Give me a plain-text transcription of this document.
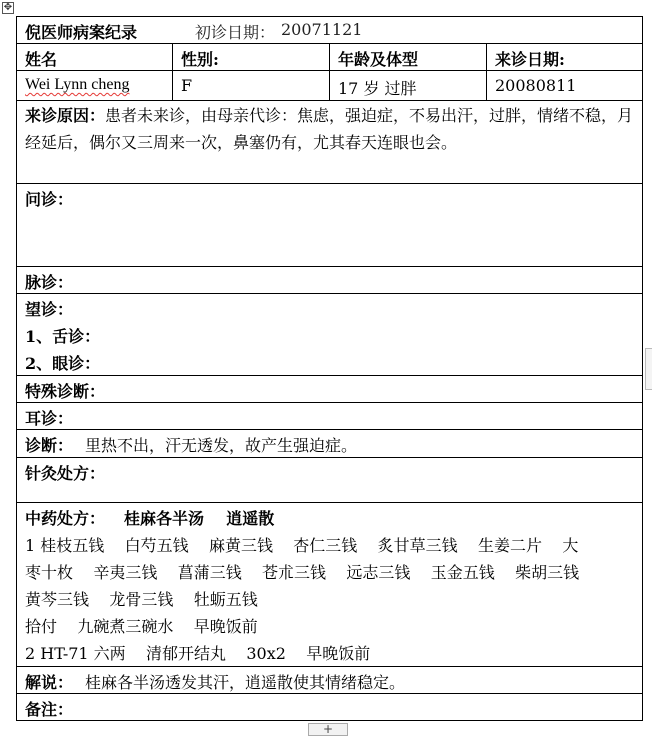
✥
倪医师病案纪录	初诊日期： 20071121
姓名	性别:	年龄及体型	来诊日期:
Wei Lynn cheng	F	17 岁 过胖	20080811
来诊原因：患者未来诊，由母亲代诊：焦虑，强迫症，不易出汗，过胖，情绪不稳，月经延后，偶尔又三周来一次，鼻塞仍有，尤其春天连眼也会。
问诊：
脉诊：
望诊：
1、舌诊：
2、眼诊：
特殊诊断：
耳诊：
诊断： 里热不出，汗无透发，故产生强迫症。
针灸处方：
中药处方： 桂麻各半汤    逍遥散
1 桂枝五钱    白芍五钱    麻黄三钱    杏仁三钱    炙甘草三钱    生姜二片    大
枣十枚    辛夷三钱    菖蒲三钱    苍朮三钱    远志三钱    玉金五钱    柴胡三钱
黄芩三钱    龙骨三钱    牡蛎五钱
拾付    九碗煮三碗水    早晚饭前
2 HT-71 六两    清郁开结丸    30x2    早晚饭前
解说： 桂麻各半汤透发其汗，逍遥散使其情绪稳定。
备注：
+
